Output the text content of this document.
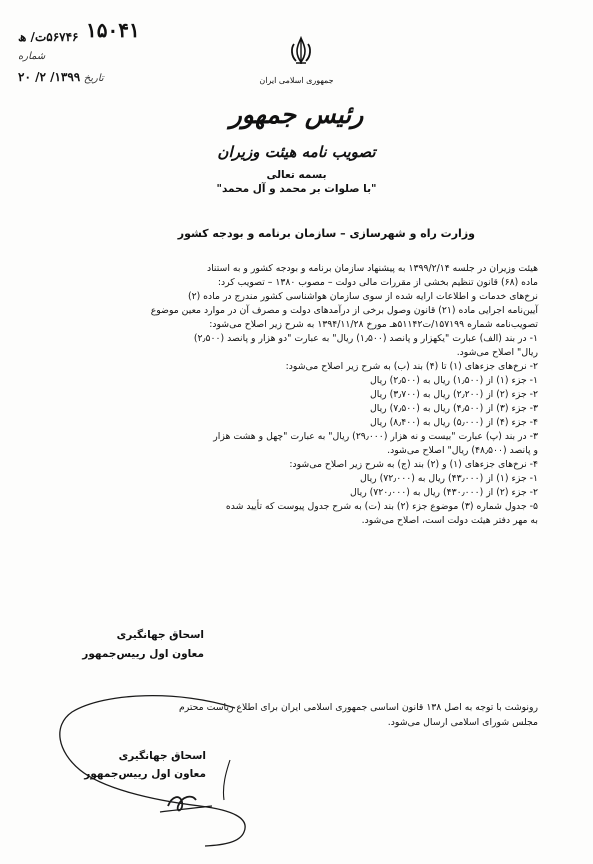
۱۵۰۴۱
۵۶۷۴۶ت/ ھ
شماره
تاریخ ۱۳۹۹/ ۲/ ۲۰	جمهوری اسلامی ایران
رئیس جمهور
تصویب نامه هیئت وزیران
بسمه تعالی
"با صلوات بر محمد و آل محمد"
وزارت راه و شهرسازی – سازمان برنامه و بودجه کشور
هیئت وزیران در جلسه ۱۳۹۹/۲/۱۴ به پیشنهاد سازمان برنامه و بودجه کشور و به استناد
ماده (۶۸) قانون تنظیم بخشی از مقررات مالی دولت – مصوب ۱۳۸۰ – تصویب کرد:
نرخ‌های خدمات و اطلاعات ارایه شده از سوی سازمان هواشناسی کشور مندرج در ماده (۲)
آیین‌نامه اجرایی ماده (۲۱) قانون وصول برخی از درآمدهای دولت و مصرف آن در موارد معین موضوع
تصویب‌نامه شماره ۱۵۷۱۹۹/ت۵۱۱۴۲هـ مورخ ۱۳۹۴/۱۱/۲۸ به شرح زیر اصلاح می‌شود:
۱- در بند (الف) عبارت "یکهزار و پانصد (۱٫۵۰۰) ریال" به عبارت "دو هزار و پانصد (۲٫۵۰۰)
ریال" اصلاح می‌شود.
۲- نرخ‌های جزءهای (۱) تا (۴) بند (ب) به شرح زیر اصلاح می‌شود:
۱- جزء (۱) از (۱٫۵۰۰) ریال به (۲٫۵۰۰) ریال
۲- جزء (۲) از (۲٫۲۰۰) ریال به (۳٫۷۰۰) ریال
۳- جزء (۳) از (۴٫۵۰۰) ریال به (۷٫۵۰۰) ریال
۴- جزء (۴) از (۵٫۰۰۰) ریال به (۸٫۴۰۰) ریال
۳- در بند (پ) عبارت "بیست و نه هزار (۲۹٫۰۰۰) ریال" به عبارت "چهل و هشت هزار
و پانصد (۴۸٫۵۰۰) ریال" اصلاح می‌شود.
۴- نرخ‌های جزءهای (۱) و (۲) بند (ج) به شرح زیر اصلاح می‌شود:
۱- جزء (۱) از (۴۳٫۰۰۰) ریال به (۷۲٫۰۰۰) ریال
۲- جزء (۲) از (۴۳۰٫۰۰۰) ریال به (۷۲۰٫۰۰۰) ریال
۵- جدول شماره (۳) موضوع جزء (۲) بند (ت) به شرح جدول پیوست که تأیید شده
به مهر دفتر هیئت دولت است، اصلاح می‌شود.
اسحاق جهانگیری
معاون اول رییس‌جمهور
رونوشت با توجه به اصل ۱۳۸ قانون اساسی جمهوری اسلامی ایران برای اطلاع ریاست محترم
مجلس شورای اسلامی ارسال می‌شود.
اسحاق جهانگیری
معاون اول رییس‌جمهور
